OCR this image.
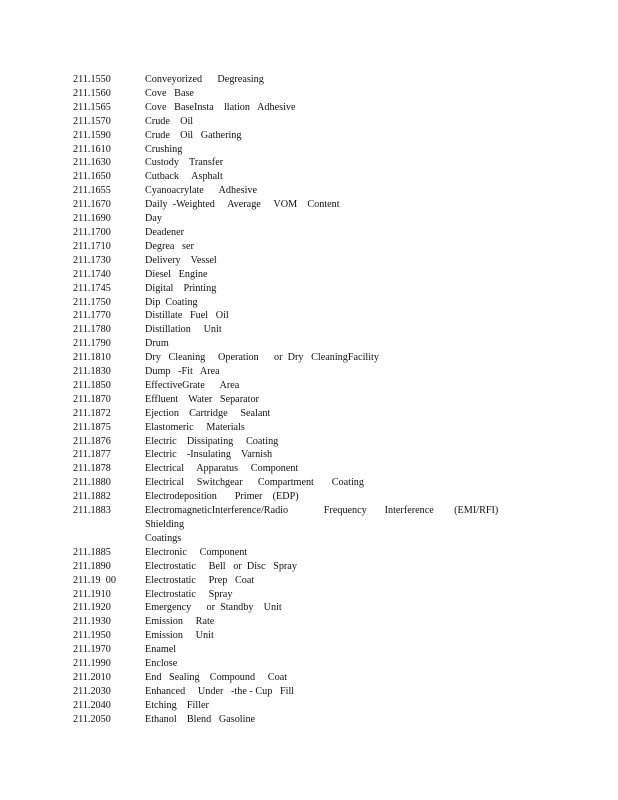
211.1550	Conveyorized      Degreasing
211.1560	Cove   Base
211.1565	Cove   BaseInsta    llation   Adhesive
211.1570	Crude    Oil
211.1590	Crude    Oil   Gathering
211.1610	Crushing
211.1630	Custody    Transfer
211.1650	Cutback     Asphalt
211.1655	Cyanoacrylate      Adhesive
211.1670	Daily  -Weighted     Average     VOM    Content
211.1690	Day
211.1700	Deadener
211.1710	Degrea   ser
211.1730	Delivery    Vessel
211.1740	Diesel   Engine
211.1745	Digital    Printing
211.1750	Dip  Coating
211.1770	Distillate   Fuel   Oil
211.1780	Distillation     Unit
211.1790	Drum
211.1810	Dry   Cleaning     Operation      or  Dry   CleaningFacility
211.1830	Dump   -Fit   Area
211.1850	EffectiveGrate      Area
211.1870	Effluent    Water   Separator
211.1872	Ejection    Cartridge     Sealant
211.1875	Elastomeric     Materials
211.1876	Electric    Dissipating     Coating
211.1877	Electric    -Insulating    Varnish
211.1878	Electrical     Apparatus     Component
211.1880	Electrical     Switchgear      Compartment       Coating
211.1882	Electrodeposition       Primer    (EDP)
211.1883	ElectromagneticInterference/Radio              Frequency       Interference        (EMI/RFI)        Shielding
Coatings
211.1885	Electronic     Component
211.1890	Electrostatic     Bell   or  Disc   Spray
211.19  00	Electrostatic     Prep   Coat
211.1910	Electrostatic     Spray
211.1920	Emergency      or  Standby    Unit
211.1930	Emission     Rate
211.1950	Emission     Unit
211.1970	Enamel
211.1990	Enclose
211.2010	End   Sealing    Compound     Coat
211.2030	Enhanced     Under   -the - Cup   Fill
211.2040	Etching    Filler
211.2050	Ethanol    Blend   Gasoline
